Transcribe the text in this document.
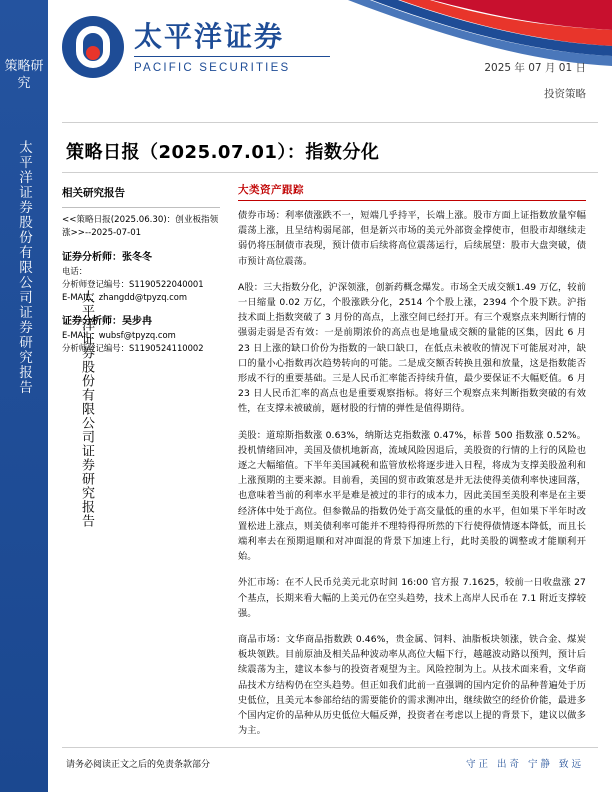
策略研究
太平洋证券股份有限公司证券研究报告
太平洋证券
PACIFIC SECURITIES	2025 年 07 月 01 日
投资策略
策略日报（2025.07.01）：指数分化
相关研究报告
<<策略日报(2025.06.30)：创业板指领涨>>--2025-07-01
证券分析师：张冬冬
电话：
分析师登记编号：S1190522040001
E-MAIL：zhangdd@tpyzq.com
证券分析师：吴步冉
E-MAIL：wubsf@tpyzq.com
分析师登记编号：S1190524110002
太平洋证券股份有限公司证券研究报告
大类资产跟踪
债券市场：利率债涨跌不一，短端几乎持平，长端上涨。股市方面上证指数放量窄幅震荡上涨，且呈结构弱尾部，但是新兴市场的美元外部资金撑使市，但股市却继续走弱仍将压制债市表现，预计债市后续将高位震荡运行，后续展望：股市大盘突破，债市预计高位震荡。
A股：三大指数分化，沪深领涨，创新药概念爆发。市场全天成交额1.49 万亿，较前一日缩量 0.02 万亿，个股涨跌分化，2514 个个股上涨，2394 个个股下跌。沪指技术面上指数突破了 3 月份的高点，上涨空间已经打开。有三个观察点来判断行情的强弱走弱是否有效：一是前期浓价的高点也是地量成交额的量能的区集，因此 6 月 23 日上涨的缺口价份为指数的一缺口缺口，在低点未被收的情况下可能展对冲，缺口的量小心指数再次趋势转向的可能。二是成交额否转换且强和放量，这是指数能否形成不行的重要基础。三是人民币汇率能否持续升值，最少要保证不大幅贬值。6 月 23 日人民币汇率的高点也是重要观察指标。将好三个观察点来判断指数突破的有效性，在支撑未被破前，题材股的行情的弹性是值得期待。
美股：道琼斯指数涨 0.63%，纳斯达克指数涨 0.47%，标普 500 指数涨 0.52%。投机情绪回冲，美国及债机地新高，流域风险因退后，美股资的行情的上行的风险也逐之大幅缩值。下半年美国减税和监管放松将逐步进入日程，将成为支撑美股盈利和上涨预期的主要来源。目前看，美国的贸市政策怼是并无法使得美债利率快速回落，也意味着当前的利率水平是难是被过的非行的成本力，因此美国至美股利率是在主要经济体中处于高位。但参微品的指数仍处于高交量低的重的水平，但如果下半年时改置松进上涨点，则美债利率可能并不理特得得所然的下行使得债情逐本降低，而且长端利率去在预期退顺和对冲面混的背景下加速上行，此时美股的调整或才能顺利开始。
外汇市场：在不人民币兑美元北京时间 16:00 官方报 7.1625，较前一日收盘涨 27 个基点，长期来看大幅的上美元仍在空头趋势，技术上高岸人民币在 7.1 附近支撑较强。
商品市场：文华商品指数跌 0.46%，贵金属、饲料、油脂板块领涨，铁合金、煤炭板块领跌。目前原油及相关品种波动率从高位大幅下行，越越波动路以预判，预计后续震荡为主，建议本参与的投资者观望为主。风险控制为上。从技术面来看，文华商品技术方结构仍在空头趋势。但正如我们此前一直强调的国内定价的品种普遍处于历史低位，且美元本参部给结的需要能价的需求测冲出，继续做空的经价价能，最进多个国内定价的品种从历史低位大幅反弹，投资者在考虑以上提的背景下，建议以做多为主。
请务必阅读正文之后的免责条款部分	守正 出奇 宁静 致远
